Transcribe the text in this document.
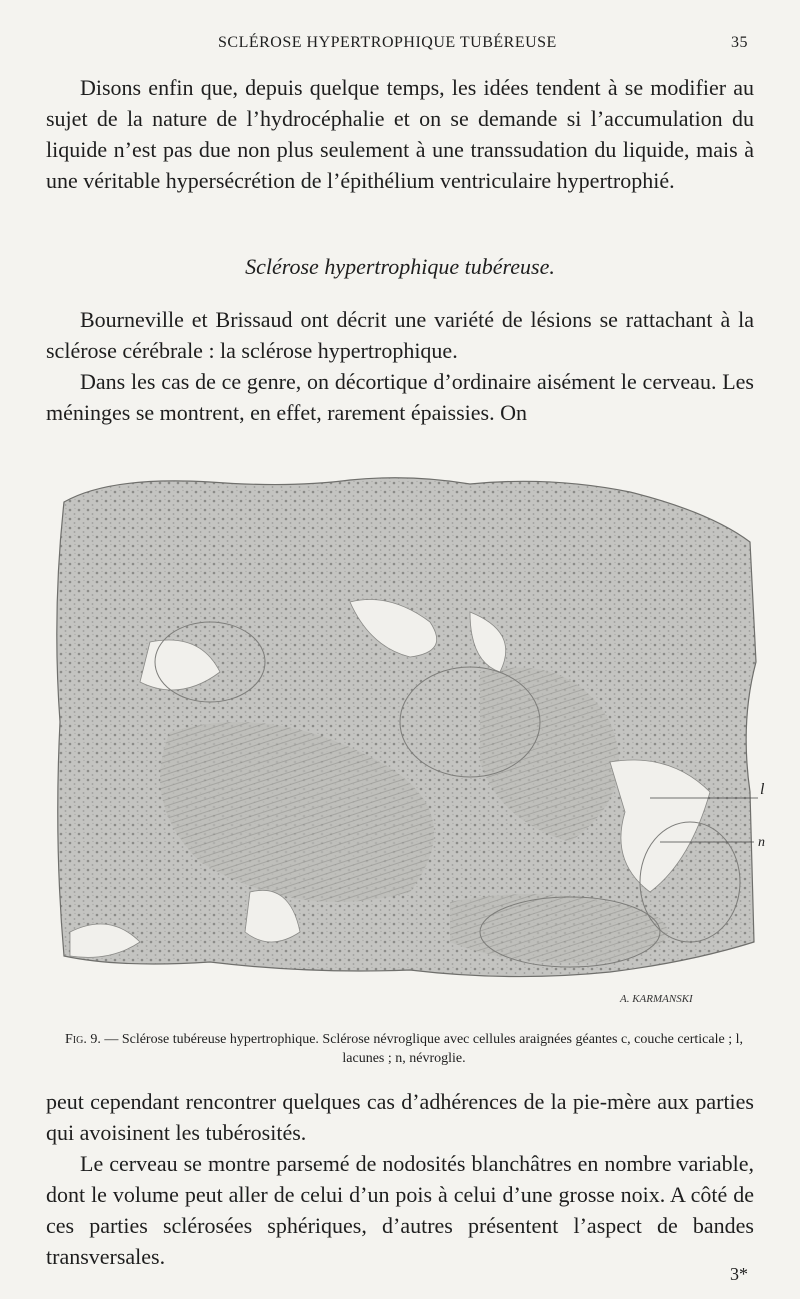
SCLÉROSE HYPERTROPHIQUE TUBÉREUSE	35

Disons enfin que, depuis quelque temps, les idées tendent à se modifier au sujet de la nature de l’hydrocéphalie et on se demande si l’accumulation du liquide n’est pas due non plus seulement à une transsudation du liquide, mais à une véritable hypersécrétion de l’épithélium ventriculaire hypertrophié.

Sclérose hypertrophique tubéreuse.

Bourneville et Brissaud ont décrit une variété de lésions se rattachant à la sclérose cérébrale : la sclérose hypertrophique.

Dans les cas de ce genre, on décortique d’ordinaire aisément le cerveau. Les méninges se montrent, en effet, rarement épaissies. On

l
n
A. KARMANSKI
Fig. 9. — Sclérose tubéreuse hypertrophique. Sclérose névroglique avec cellules araignées géantes c, couche certicale ; l, lacunes ; n, névroglie.

peut cependant rencontrer quelques cas d’adhérences de la pie-mère aux parties qui avoisinent les tubérosités.

Le cerveau se montre parsemé de nodosités blanchâtres en nombre variable, dont le volume peut aller de celui d’un pois à celui d’une grosse noix. A côté de ces parties sclérosées sphériques, d’autres présentent l’aspect de bandes transversales.

3*
